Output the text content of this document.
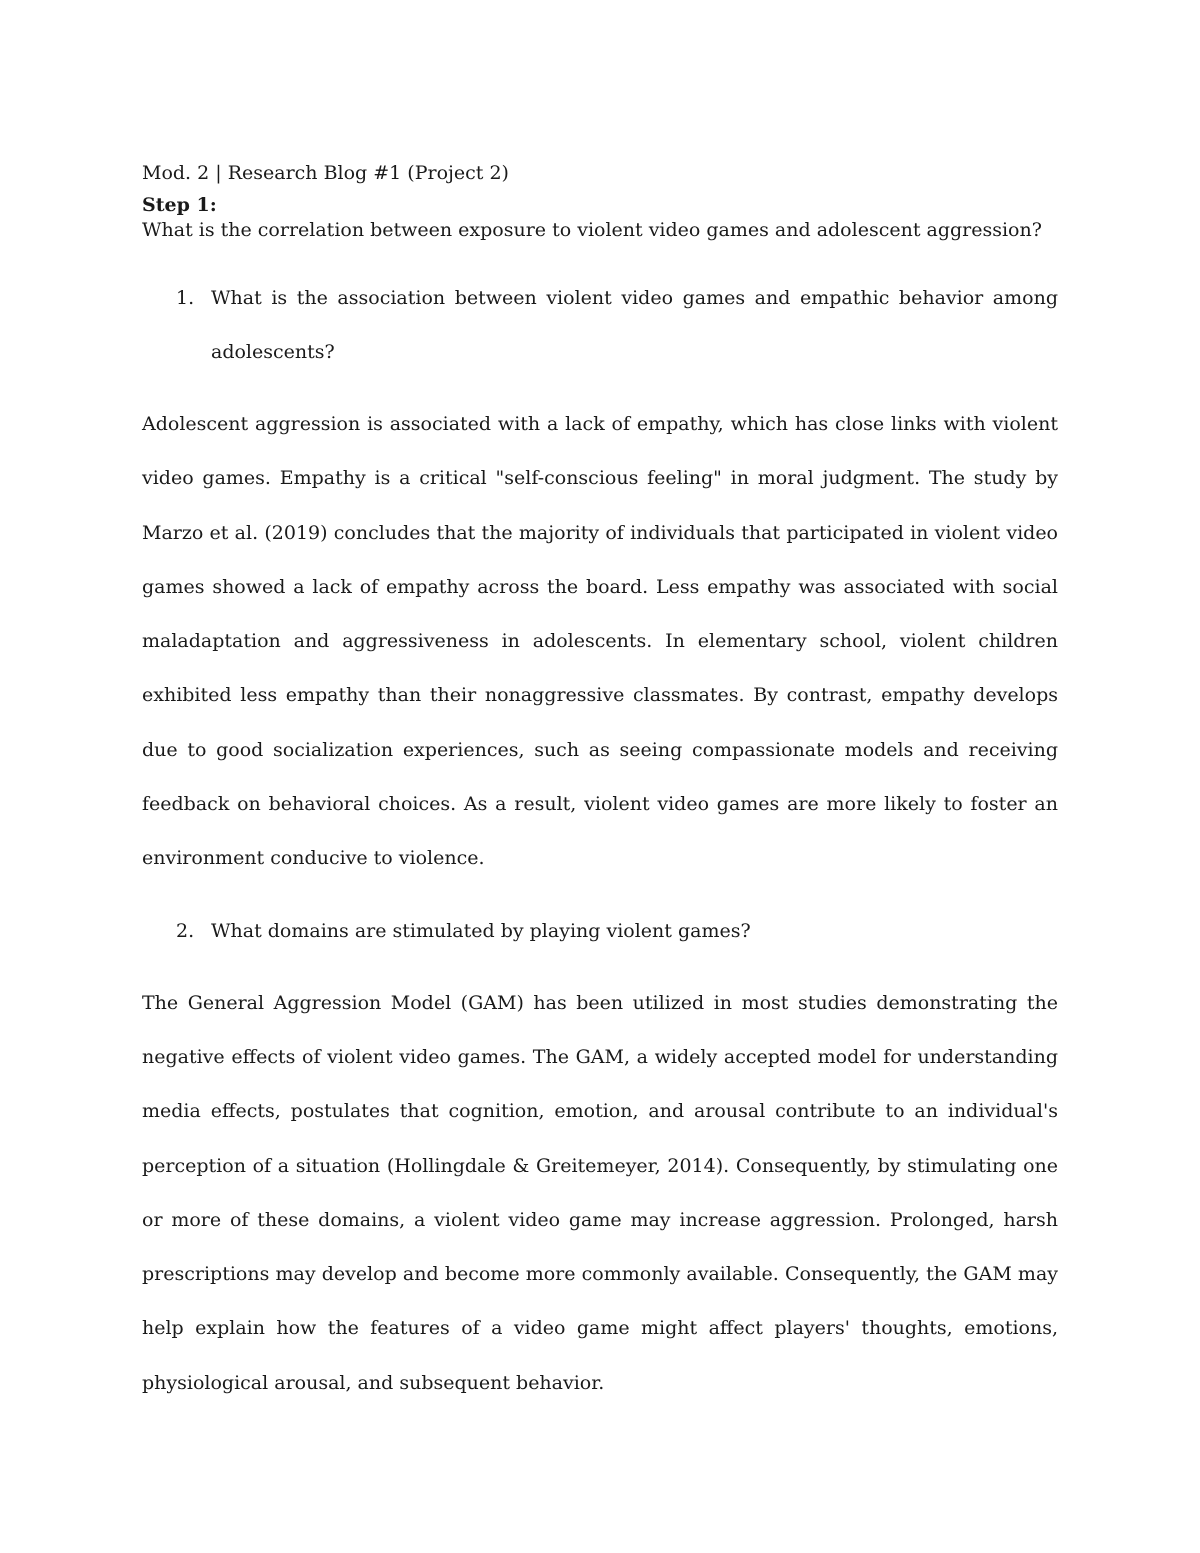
Mod. 2 | Research Blog #1 (Project 2)

Step 1:

What is the correlation between exposure to violent video games and adolescent aggression?

1. What is the association between violent video games and empathic behavior among adolescents?

Adolescent aggression is associated with a lack of empathy, which has close links with violent video games. Empathy is a critical "self-conscious feeling" in moral judgment. The study by Marzo et al. (2019) concludes that the majority of individuals that participated in violent video games showed a lack of empathy across the board. Less empathy was associated with social maladaptation and aggressiveness in adolescents. In elementary school, violent children exhibited less empathy than their nonaggressive classmates. By contrast, empathy develops due to good socialization experiences, such as seeing compassionate models and receiving feedback on behavioral choices. As a result, violent video games are more likely to foster an environment conducive to violence.

2. What domains are stimulated by playing violent games?

The General Aggression Model (GAM) has been utilized in most studies demonstrating the negative effects of violent video games. The GAM, a widely accepted model for understanding media effects, postulates that cognition, emotion, and arousal contribute to an individual's perception of a situation (Hollingdale & Greitemeyer, 2014). Consequently, by stimulating one or more of these domains, a violent video game may increase aggression. Prolonged, harsh prescriptions may develop and become more commonly available. Consequently, the GAM may help explain how the features of a video game might affect players' thoughts, emotions, physiological arousal, and subsequent behavior.
